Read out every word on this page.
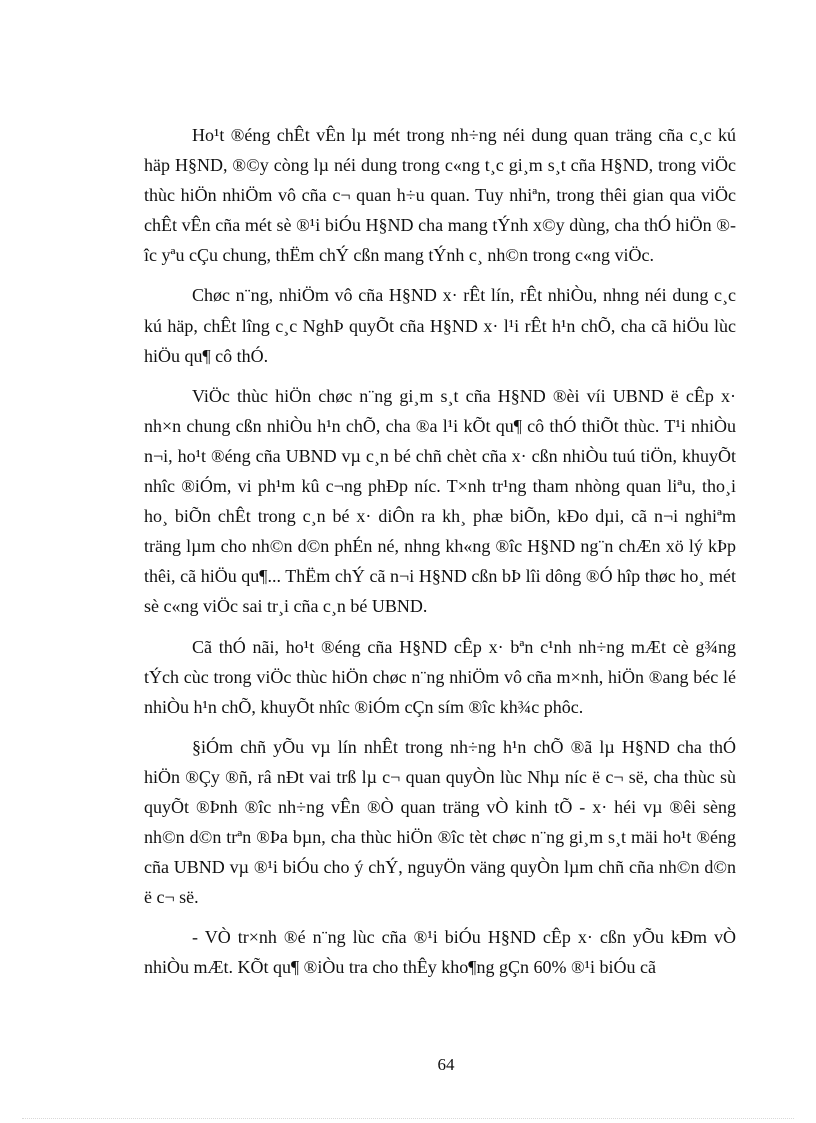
Ho¹t ®éng chÊt vÊn lµ mét trong nh÷ng néi dung quan träng cña c¸c kú häp H§ND, ®©y còng lµ néi dung trong c«ng t¸c gi¸m s¸t cña H§ND, trong viÖc thùc hiÖn nhiÖm vô cña c¬ quan h÷u quan. Tuy nhiªn, trong thêi gian qua viÖc chÊt vÊn cña mét sè ®¹i biÓu H§ND cha mang tÝnh x©y dùng, cha thÓ hiÖn ®îc yªu cÇu chung, thËm chÝ cßn mang tÝnh c¸ nh©n trong c«ng viÖc.

Chøc n¨ng, nhiÖm vô cña H§ND x· rÊt lín, rÊt nhiÒu, nhng néi dung c¸c kú häp, chÊt lîng c¸c NghÞ quyÕt cña H§ND x· l¹i rÊt h¹n chÕ, cha cã hiÖu lùc hiÖu qu¶ cô thÓ.

ViÖc thùc hiÖn chøc n¨ng gi¸m s¸t cña H§ND ®èi víi UBND ë cÊp x· nh×n chung cßn nhiÒu h¹n chÕ, cha ®a l¹i kÕt qu¶ cô thÓ thiÕt thùc. T¹i nhiÒu n¬i, ho¹t ®éng cña UBND vµ c¸n bé chñ chèt cña x· cßn nhiÒu tuú tiÖn, khuyÕt nhîc ®iÓm, vi ph¹m kû c¬ng phÐp níc. T×nh tr¹ng tham nhòng quan liªu, tho¸i ho¸ biÕn chÊt trong c¸n bé x· diÔn ra kh¸ phæ biÕn, kÐo dµi, cã n¬i nghiªm träng lµm cho nh©n d©n phÉn né, nhng kh«ng ®îc H§ND ng¨n chÆn xö lý kÞp thêi, cã hiÖu qu¶... ThËm chÝ cã n¬i H§ND cßn bÞ lîi dông ®Ó hîp thøc ho¸ mét sè c«ng viÖc sai tr¸i cña c¸n bé UBND.

Cã thÓ nãi, ho¹t ®éng cña H§ND cÊp x· bªn c¹nh nh÷ng mÆt cè g¾ng tÝch cùc trong viÖc thùc hiÖn chøc n¨ng nhiÖm vô cña m×nh, hiÖn ®ang béc lé nhiÒu h¹n chÕ, khuyÕt nhîc ®iÓm cÇn sím ®îc kh¾c phôc.

§iÓm chñ yÕu vµ lín nhÊt trong nh÷ng h¹n chÕ ®ã lµ H§ND cha thÓ hiÖn ®Çy ®ñ, râ nÐt vai trß lµ c¬ quan quyÒn lùc Nhµ níc ë c¬ së, cha thùc sù quyÕt ®Þnh ®îc nh÷ng vÊn ®Ò quan träng vÒ kinh tÕ - x· héi vµ ®êi sèng nh©n d©n trªn ®Þa bµn, cha thùc hiÖn ®îc tèt chøc n¨ng gi¸m s¸t mäi ho¹t ®éng cña UBND vµ ®¹i biÓu cho ý chÝ, nguyÖn väng quyÒn lµm chñ cña nh©n d©n ë c¬ së.

- VÒ tr×nh ®é n¨ng lùc cña ®¹i biÓu H§ND cÊp x· cßn yÕu kÐm vÒ nhiÒu mÆt. KÕt qu¶ ®iÒu tra cho thÊy kho¶ng gÇn 60% ®¹i biÓu cã

64
